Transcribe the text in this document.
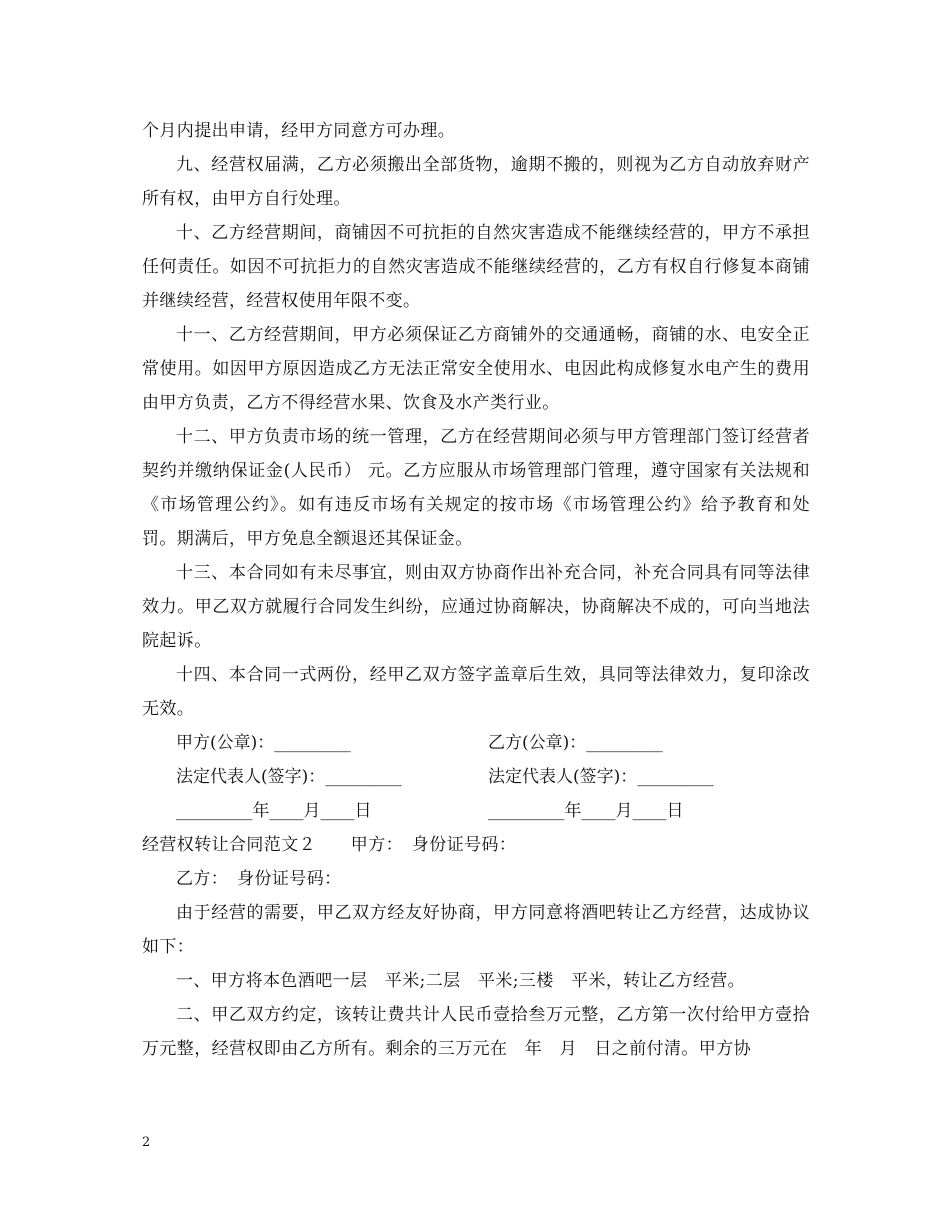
个月内提出申请，经甲方同意方可办理。

九、经营权届满，乙方必须搬出全部货物，逾期不搬的，则视为乙方自动放弃财产所有权，由甲方自行处理。

十、乙方经营期间，商铺因不可抗拒的自然灾害造成不能继续经营的，甲方不承担任何责任。如因不可抗拒力的自然灾害造成不能继续经营的，乙方有权自行修复本商铺并继续经营，经营权使用年限不变。

十一、乙方经营期间，甲方必须保证乙方商铺外的交通通畅，商铺的水、电安全正常使用。如因甲方原因造成乙方无法正常安全使用水、电因此构成修复水电产生的费用由甲方负责，乙方不得经营水果、饮食及水产类行业。

十二、甲方负责市场的统一管理，乙方在经营期间必须与甲方管理部门签订经营者契约并缴纳保证金(人民币） 元。乙方应服从市场管理部门管理，遵守国家有关法规和《市场管理公约》。如有违反市场有关规定的按市场《市场管理公约》给予教育和处罚。期满后，甲方免息全额退还其保证金。

十三、本合同如有未尽事宜，则由双方协商作出补充合同，补充合同具有同等法律效力。甲乙双方就履行合同发生纠纷，应通过协商解决，协商解决不成的，可向当地法院起诉。

十四、本合同一式两份，经甲乙双方签字盖章后生效，具同等法律效力，复印涂改无效。

甲方(公章)：_________	乙方(公章)：_________
法定代表人(签字)：_________	法定代表人(签字)：_________
_________年____月____日	_________年____月____日

经营权转让合同范文２　　甲方：　身份证号码：

乙方：　身份证号码：

由于经营的需要，甲乙双方经友好协商，甲方同意将酒吧转让乙方经营，达成协议如下：

一、甲方将本色酒吧一层　平米;二层　平米;三楼　平米，转让乙方经营。

二、甲乙双方约定，该转让费共计人民币壹拾叁万元整，乙方第一次付给甲方壹拾万元整，经营权即由乙方所有。剩余的三万元在　年　月　日之前付清。甲方协

2
